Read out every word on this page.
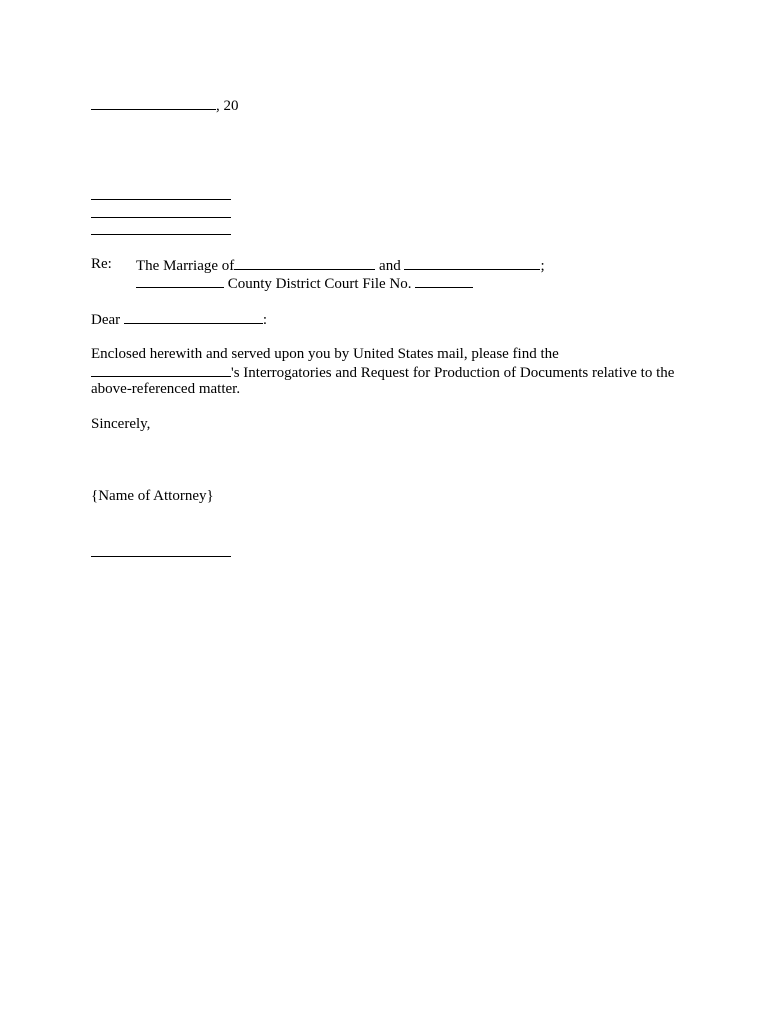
, 20
Re: The Marriage of	and	;
County District Court File No.
Dear	:
Enclosed herewith and served upon you by United States mail, please find the
's Interrogatories and Request for Production of Documents relative to the
above-referenced matter.
Sincerely,
{Name of Attorney}
